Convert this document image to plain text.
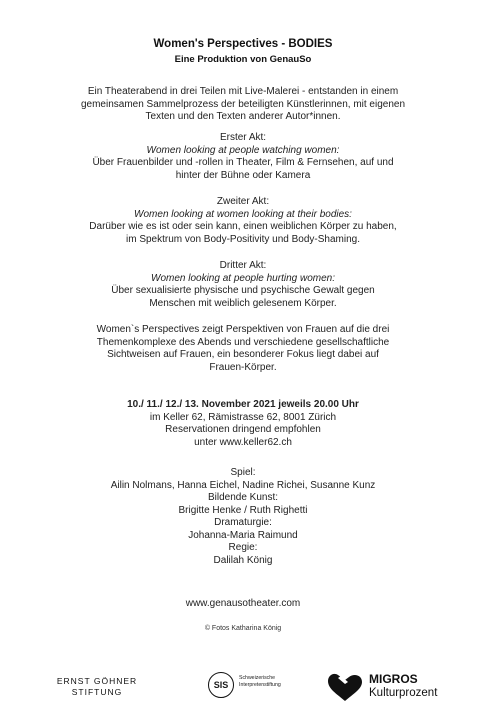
Women's Perspectives - BODIES
Eine Produktion von GenauSo
Ein Theaterabend in drei Teilen mit Live-Malerei - entstanden in einem
gemeinsamen Sammelprozess der beteiligten Künstlerinnen, mit eigenen
Texten und den Texten anderer Autor*innen.
Erster Akt:
Women looking at people watching women:
Über Frauenbilder und -rollen in Theater, Film & Fernsehen, auf und
hinter der Bühne oder Kamera
Zweiter Akt:
Women looking at women looking at their bodies:
Darüber wie es ist oder sein kann, einen weiblichen Körper zu haben,
im Spektrum von Body-Positivity und Body-Shaming.
Dritter Akt:
Women looking at people hurting women:
Über sexualisierte physische und psychische Gewalt gegen
Menschen mit weiblich gelesenem Körper.
Women`s Perspectives zeigt Perspektiven von Frauen auf die drei
Themenkomplexe des Abends und verschiedene gesellschaftliche
Sichtweisen auf Frauen, ein besonderer Fokus liegt dabei auf
Frauen-Körper.
10./ 11./ 12./ 13. November 2021 jeweils 20.00 Uhr
im Keller 62, Rämistrasse 62, 8001 Zürich
Reservationen dringend empfohlen
unter www.keller62.ch
Spiel:
Ailin Nolmans, Hanna Eichel, Nadine Richei, Susanne Kunz
Bildende Kunst:
Brigitte Henke / Ruth Righetti
Dramaturgie:
Johanna-Maria Raimund
Regie:
Dalilah König
www.genausotheater.com
© Fotos Katharina König
ERNST GÖHNER
STIFTUNG
SIS
Schweizerische
Interpretenstiftung	MIGROS
Kulturprozent
